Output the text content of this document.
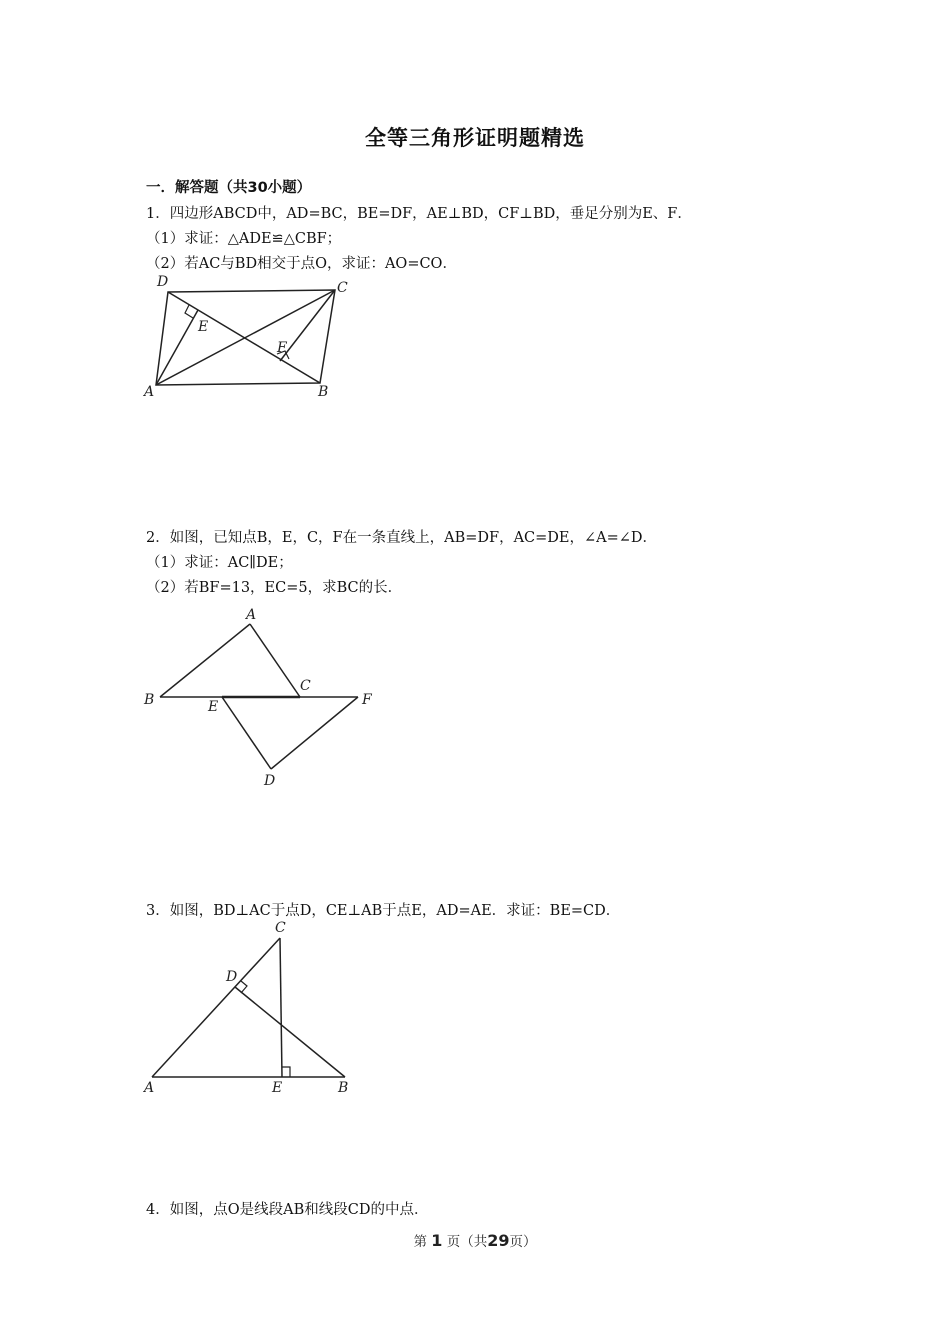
全等三角形证明题精选
一．解答题（共30小题）
1．四边形ABCD中，AD=BC，BE=DF，AE⊥BD，CF⊥BD，垂足分别为E、F．
（1）求证：△ADE≌△CBF；
（2）若AC与BD相交于点O，求证：AO=CO．
D	C
E
F
A	B
2．如图，已知点B，E，C，F在一条直线上，AB=DF，AC=DE，∠A=∠D．
（1）求证：AC∥DE；
（2）若BF=13，EC=5，求BC的长．
A
B	E
C
F
D
3．如图，BD⊥AC于点D，CE⊥AB于点E，AD=AE．求证：BE=CD．
C
D
A	E	B
4．如图，点O是线段AB和线段CD的中点．
第 1 页（共29页）
